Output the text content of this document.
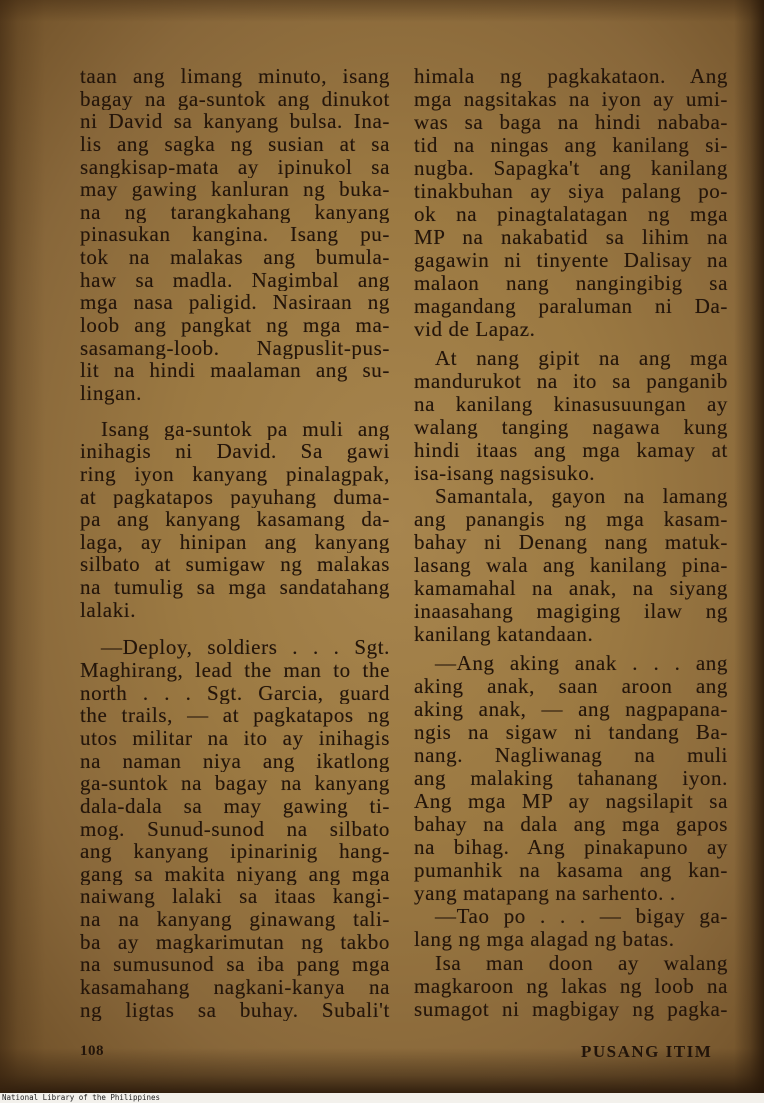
taan ang limang minuto, isang
bagay na ga-suntok ang dinukot
ni David sa kanyang bulsa. Ina-
lis ang sagka ng susian at sa
sangkisap-mata ay ipinukol sa
may gawing kanluran ng buka-
na ng tarangkahang kanyang
pinasukan kangina. Isang pu-
tok na malakas ang bumula-
haw sa madla. Nagimbal ang
mga nasa paligid. Nasiraan ng
loob ang pangkat ng mga ma-
sasamang-loob. Nagpuslit-pus-
lit na hindi maalaman ang su-
lingan.
Isang ga-suntok pa muli ang
inihagis ni David. Sa gawi
ring iyon kanyang pinalagpak,
at pagkatapos payuhang duma-
pa ang kanyang kasamang da-
laga, ay hinipan ang kanyang
silbato at sumigaw ng malakas
na tumulig sa mga sandatahang
lalaki.
—Deploy, soldiers . . . Sgt.
Maghirang, lead the man to the
north . . . Sgt. Garcia, guard
the trails, — at pagkatapos ng
utos militar na ito ay inihagis
na naman niya ang ikatlong
ga-suntok na bagay na kanyang
dala-dala sa may gawing ti-
mog. Sunud-sunod na silbato
ang kanyang ipinarinig hang-
gang sa makita niyang ang mga
naiwang lalaki sa itaas kangi-
na na kanyang ginawang tali-
ba ay magkarimutan ng takbo
na sumusunod sa iba pang mga
kasamahang nagkani-kanya na
ng ligtas sa buhay. Subali't
himala ng pagkakataon. Ang
mga nagsitakas na iyon ay umi-
was sa baga na hindi nababa-
tid na ningas ang kanilang si-
nugba. Sapagka't ang kanilang
tinakbuhan ay siya palang po-
ok na pinagtalatagan ng mga
MP na nakabatid sa lihim na
gagawin ni tinyente Dalisay na
malaon nang nangingibig sa
magandang paraluman ni Da-
vid de Lapaz.
At nang gipit na ang mga
mandurukot na ito sa panganib
na kanilang kinasusuungan ay
walang tanging nagawa kung
hindi itaas ang mga kamay at
isa-isang nagsisuko.
Samantala, gayon na lamang
ang panangis ng mga kasam-
bahay ni Denang nang matuk-
lasang wala ang kanilang pina-
kamamahal na anak, na siyang
inaasahang magiging ilaw ng
kanilang katandaan.
—Ang aking anak . . . ang
aking anak, saan aroon ang
aking anak, — ang nagpapana-
ngis na sigaw ni tandang Ba-
nang. Nagliwanag na muli
ang malaking tahanang iyon.
Ang mga MP ay nagsilapit sa
bahay na dala ang mga gapos
na bihag. Ang pinakapuno ay
pumanhik na kasama ang kan-
yang matapang na sarhento. .
—Tao po . . . — bigay ga-
lang ng mga alagad ng batas.
Isa man doon ay walang
magkaroon ng lakas ng loob na
sumagot ni magbigay ng pagka-
108	PUSANG ITIM
National Library of the Philippines
